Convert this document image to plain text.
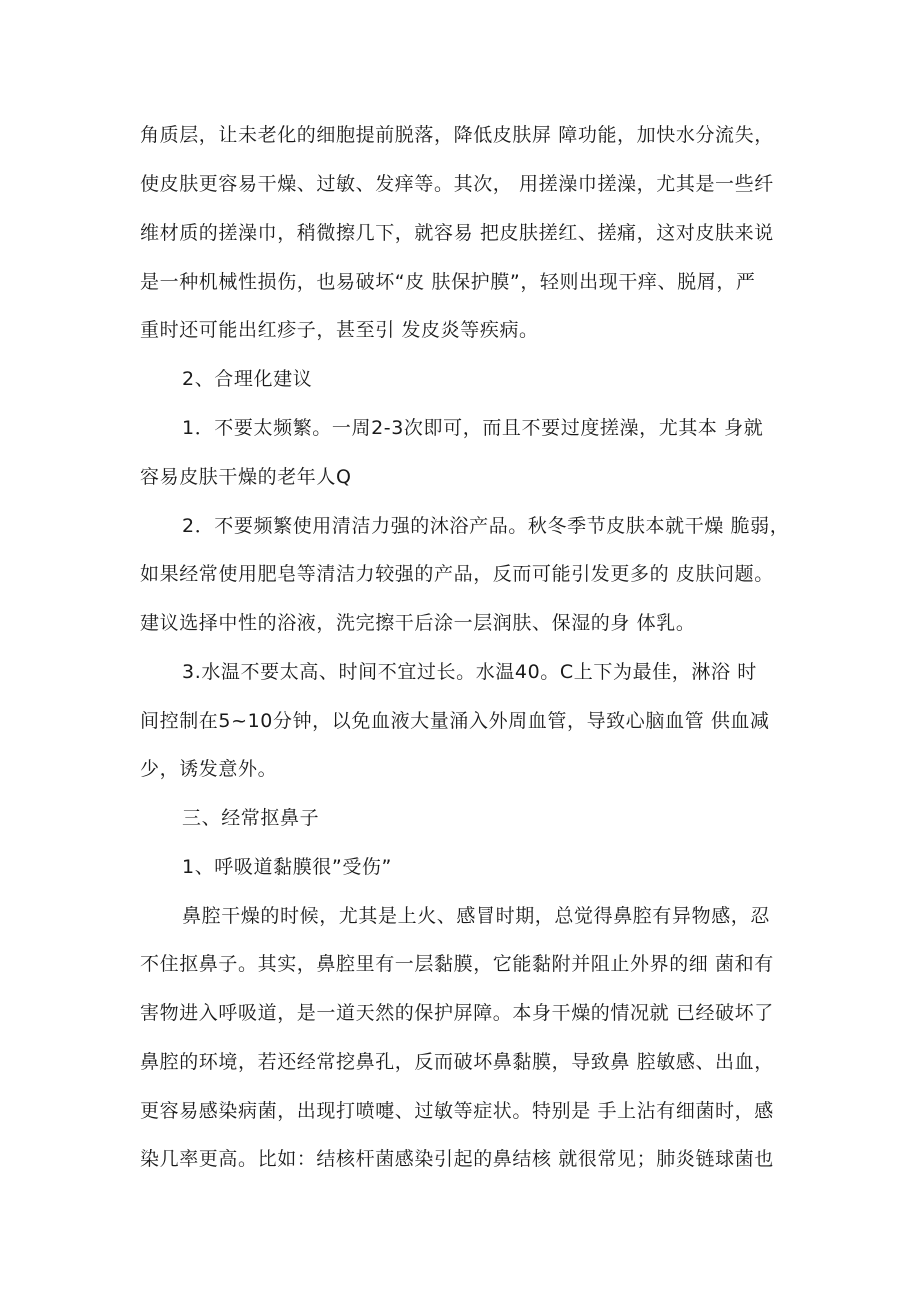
角质层，让未老化的细胞提前脱落，降低皮肤屏 障功能，加快水分流失，
使皮肤更容易干燥、过敏、发痒等。其次， 用搓澡巾搓澡，尤其是一些纤
维材质的搓澡巾，稍微擦几下，就容易 把皮肤搓红、搓痛，这对皮肤来说
是一种机械性损伤，也易破坏“皮 肤保护膜”，轻则出现干痒、脱屑，严
重时还可能出红疹子，甚至引 发皮炎等疾病。
2、合理化建议
1．不要太频繁。一周2-3次即可，而且不要过度搓澡，尤其本 身就
容易皮肤干燥的老年人Q
2．不要频繁使用清洁力强的沐浴产品。秋冬季节皮肤本就干燥 脆弱，
如果经常使用肥皂等清洁力较强的产品，反而可能引发更多的 皮肤问题。
建议选择中性的浴液，洗完擦干后涂一层润肤、保湿的身 体乳。
3.水温不要太高、时间不宜过长。水温40。C上下为最佳，淋浴 时
间控制在5~10分钟，以免血液大量涌入外周血管，导致心脑血管 供血减
少，诱发意外。
三、经常抠鼻子
1、呼吸道黏膜很”受伤”
鼻腔干燥的时候，尤其是上火、感冒时期，总觉得鼻腔有异物感，忍
不住抠鼻子。其实，鼻腔里有一层黏膜，它能黏附并阻止外界的细 菌和有
害物进入呼吸道，是一道天然的保护屏障。本身干燥的情况就 已经破坏了
鼻腔的环境，若还经常挖鼻孔，反而破坏鼻黏膜，导致鼻 腔敏感、出血，
更容易感染病菌，出现打喷嚏、过敏等症状。特别是 手上沾有细菌时，感
染几率更高。比如：结核杆菌感染引起的鼻结核 就很常见；肺炎链球菌也
